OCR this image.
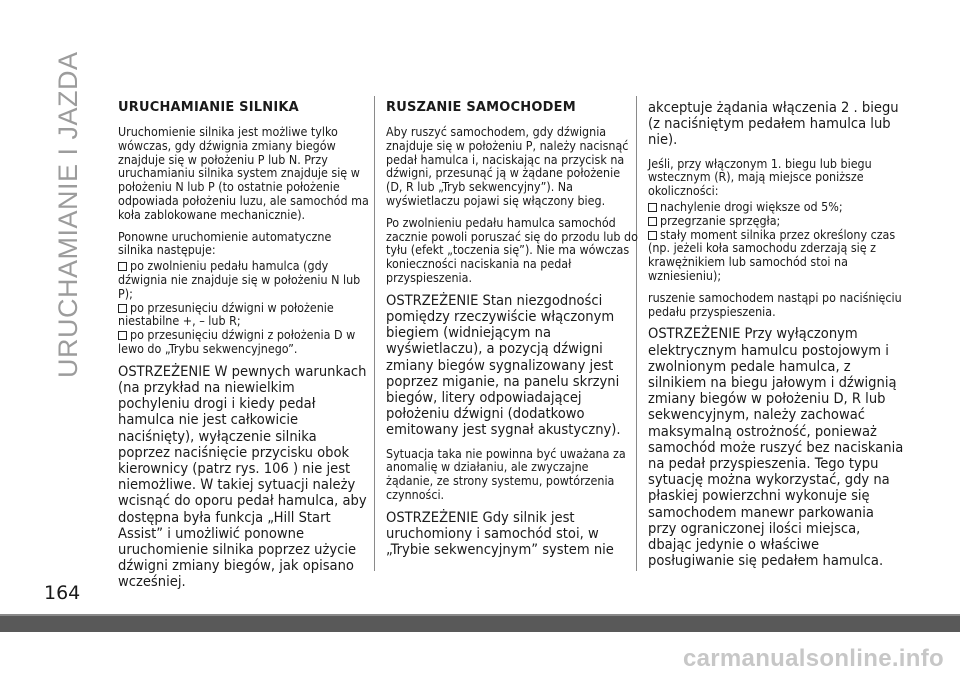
URUCHAMIANIE I JAZDA	URUCHAMIANIE SILNIKA

Uruchomienie silnika jest możliwe tylko wówczas, gdy dźwignia zmiany biegów znajduje się w położeniu P lub N. Przy uruchamianiu silnika system znajduje się w położeniu N lub P (to ostatnie położenie odpowiada położeniu luzu, ale samochód ma koła zablokowane mechanicznie).

Ponowne uruchomienie automatyczne silnika następuje:

po zwolnieniu pedału hamulca (gdy dźwignia nie znajduje się w położeniu N lub P);
po przesunięciu dźwigni w położenie niestabilne +, – lub R;
po przesunięciu dźwigni z położenia D w lewo do „Trybu sekwencyjnego”.

OSTRZEŻENIE W pewnych warunkach (na przykład na niewielkim pochyleniu drogi i kiedy pedał hamulca nie jest całkowicie naciśnięty), wyłączenie silnika poprzez naciśnięcie przycisku obok kierownicy (patrz rys. 106 ) nie jest niemożliwe. W takiej sytuacji należy wcisnąć do oporu pedał hamulca, aby dostępna była funkcja „Hill Start Assist” i umożliwić ponowne uruchomienie silnika poprzez użycie dźwigni zmiany biegów, jak opisano wcześniej.

RUSZANIE SAMOCHODEM

Aby ruszyć samochodem, gdy dźwignia znajduje się w położeniu P, należy nacisnąć pedał hamulca i, naciskając na przycisk na dźwigni, przesunąć ją w żądane położenie (D, R lub „Tryb sekwencyjny”). Na wyświetlaczu pojawi się włączony bieg.

Po zwolnieniu pedału hamulca samochód zacznie powoli poruszać się do przodu lub do tyłu (efekt „toczenia się”). Nie ma wówczas konieczności naciskania na pedał przyspieszenia.

OSTRZEŻENIE Stan niezgodności pomiędzy rzeczywiście włączonym biegiem (widniejącym na wyświetlaczu), a pozycją dźwigni zmiany biegów sygnalizowany jest poprzez miganie, na panelu skrzyni biegów, litery odpowiadającej położeniu dźwigni (dodatkowo emitowany jest sygnał akustyczny).

Sytuacja taka nie powinna być uważana za anomalię w działaniu, ale zwyczajne żądanie, ze strony systemu, powtórzenia czynności.

OSTRZEŻENIE Gdy silnik jest uruchomiony i samochód stoi, w „Trybie sekwencyjnym” system nie

akceptuje żądania włączenia 2 . biegu (z naciśniętym pedałem hamulca lub nie).

Jeśli, przy włączonym 1. biegu lub biegu wstecznym (R), mają miejsce poniższe okoliczności:

nachylenie drogi większe od 5%;
przegrzanie sprzęgła;
stały moment silnika przez określony czas (np. jeżeli koła samochodu zderzają się z krawężnikiem lub samochód stoi na wzniesieniu);

ruszenie samochodem nastąpi po naciśnięciu pedału przyspieszenia.

OSTRZEŻENIE Przy wyłączonym elektrycznym hamulcu postojowym i zwolnionym pedale hamulca, z silnikiem na biegu jałowym i dźwignią zmiany biegów w położeniu D, R lub sekwencyjnym, należy zachować maksymalną ostrożność, ponieważ samochód może ruszyć bez naciskania na pedał przyspieszenia. Tego typu sytuację można wykorzystać, gdy na płaskiej powierzchni wykonuje się samochodem manewr parkowania przy ograniczonej ilości miejsca, dbając jedynie o właściwe posługiwanie się pedałem hamulca.

164
carmanualsonline.info
